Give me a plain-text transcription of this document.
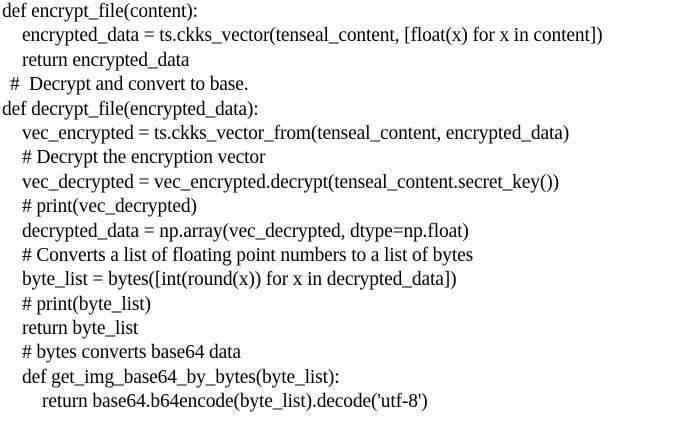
def encrypt_file(content):
encrypted_data = ts.ckks_vector(tenseal_content, [float(x) for x in content])
return encrypted_data
#  Decrypt and convert to base.
def decrypt_file(encrypted_data):
vec_encrypted = ts.ckks_vector_from(tenseal_content, encrypted_data)
# Decrypt the encryption vector
vec_decrypted = vec_encrypted.decrypt(tenseal_content.secret_key())
# print(vec_decrypted)
decrypted_data = np.array(vec_decrypted, dtype=np.float)
# Converts a list of floating point numbers to a list of bytes
byte_list = bytes([int(round(x)) for x in decrypted_data])
# print(byte_list)
return byte_list
# bytes converts base64 data
def get_img_base64_by_bytes(byte_list):
return base64.b64encode(byte_list).decode('utf-8')
